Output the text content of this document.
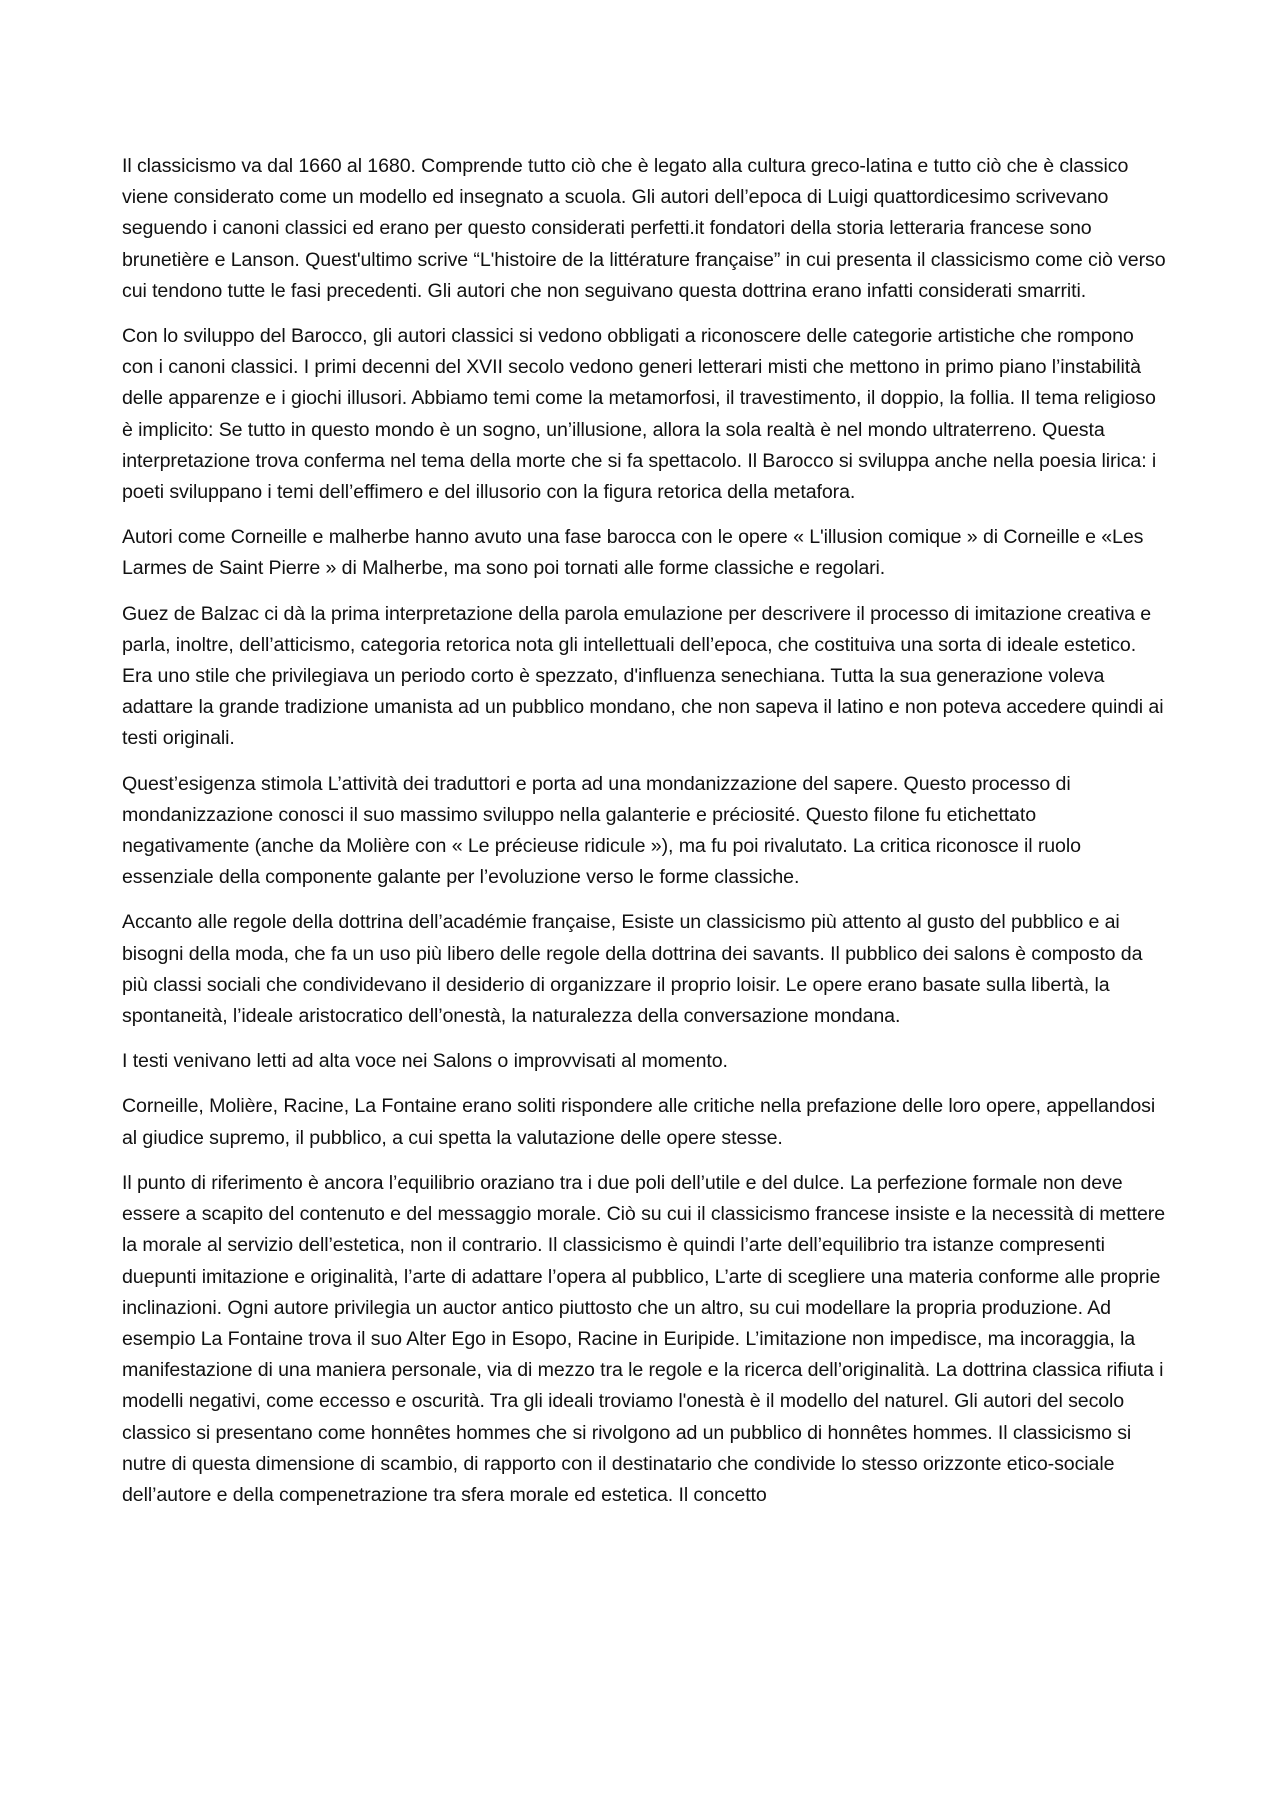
Il classicismo va dal 1660 al 1680. Comprende tutto ciò che è legato alla cultura greco-latina e tutto ciò che è classico viene considerato come un modello ed insegnato a scuola. Gli autori dell’epoca di Luigi quattordicesimo scrivevano seguendo i canoni classici ed erano per questo considerati perfetti.it fondatori della storia letteraria francese sono brunetière e Lanson. Quest'ultimo scrive “L'histoire de la littérature française” in cui presenta il classicismo come ciò verso cui tendono tutte le fasi precedenti. Gli autori che non seguivano questa dottrina erano infatti considerati smarriti.

Con lo sviluppo del Barocco, gli autori classici si vedono obbligati a riconoscere delle categorie artistiche che rompono con i canoni classici. I primi decenni del XVII secolo vedono generi letterari misti che mettono in primo piano l’instabilità delle apparenze e i giochi illusori. Abbiamo temi come la metamorfosi, il travestimento, il doppio, la follia. Il tema religioso è implicito: Se tutto in questo mondo è un sogno, un’illusione, allora la sola realtà è nel mondo ultraterreno. Questa interpretazione trova conferma nel tema della morte che si fa spettacolo. Il Barocco si sviluppa anche nella poesia lirica: i poeti sviluppano i temi dell’effimero e del illusorio con la figura retorica della metafora.

Autori come Corneille e malherbe hanno avuto una fase barocca con le opere « L'illusion comique » di Corneille e «Les Larmes de Saint Pierre » di Malherbe, ma sono poi tornati alle forme classiche e regolari.

Guez de Balzac ci dà la prima interpretazione della parola emulazione per descrivere il processo di imitazione creativa e parla, inoltre, dell’atticismo, categoria retorica nota gli intellettuali dell’epoca, che costituiva una sorta di ideale estetico. Era uno stile che privilegiava un periodo corto è spezzato, d'influenza senechiana. Tutta la sua generazione voleva adattare la grande tradizione umanista ad un pubblico mondano, che non sapeva il latino e non poteva accedere quindi ai testi originali.

Quest’esigenza stimola L’attività dei traduttori e porta ad una mondanizzazione del sapere. Questo processo di mondanizzazione conosci il suo massimo sviluppo nella galanterie e préciosité. Questo filone fu etichettato negativamente (anche da Molière con « Le précieuse ridicule »), ma fu poi rivalutato. La critica riconosce il ruolo essenziale della componente galante per l’evoluzione verso le forme classiche.

Accanto alle regole della dottrina dell’académie française, Esiste un classicismo più attento al gusto del pubblico e ai bisogni della moda, che fa un uso più libero delle regole della dottrina dei savants. Il pubblico dei salons è composto da più classi sociali che condividevano il desiderio di organizzare il proprio loisir. Le opere erano basate sulla libertà, la spontaneità, l’ideale aristocratico dell’onestà, la naturalezza della conversazione mondana.

I testi venivano letti ad alta voce nei Salons o improvvisati al momento.

Corneille, Molière, Racine, La Fontaine erano soliti rispondere alle critiche nella prefazione delle loro opere, appellandosi al giudice supremo, il pubblico, a cui spetta la valutazione delle opere stesse.

Il punto di riferimento è ancora l’equilibrio oraziano tra i due poli dell’utile e del dulce. La perfezione formale non deve essere a scapito del contenuto e del messaggio morale. Ciò su cui il classicismo francese insiste e la necessità di mettere la morale al servizio dell’estetica, non il contrario. Il classicismo è quindi l’arte dell’equilibrio tra istanze compresenti duepunti imitazione e originalità, l’arte di adattare l’opera al pubblico, L’arte di scegliere una materia conforme alle proprie inclinazioni. Ogni autore privilegia un auctor antico piuttosto che un altro, su cui modellare la propria produzione. Ad esempio La Fontaine trova il suo Alter Ego in Esopo, Racine in Euripide. L’imitazione non impedisce, ma incoraggia, la manifestazione di una maniera personale, via di mezzo tra le regole e la ricerca dell’originalità. La dottrina classica rifiuta i modelli negativi, come eccesso e oscurità. Tra gli ideali troviamo l'onestà è il modello del naturel. Gli autori del secolo classico si presentano come honnêtes hommes che si rivolgono ad un pubblico di honnêtes hommes. Il classicismo si nutre di questa dimensione di scambio, di rapporto con il destinatario che condivide lo stesso orizzonte etico-sociale dell’autore e della compenetrazione tra sfera morale ed estetica. Il concetto
